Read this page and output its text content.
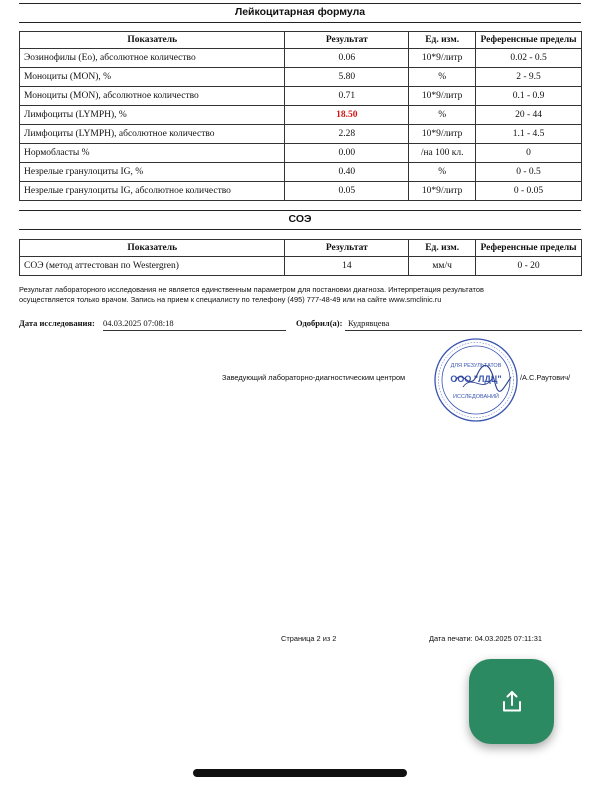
Лейкоцитарная формула
Показатель	Результат	Ед. изм.	Референсные пределы
Эозинофилы (Eo), абсолютное количество	0.06	10*9/литр	0.02 - 0.5
Моноциты (MON), %	5.80	%	2 - 9.5
Моноциты (MON), абсолютное количество	0.71	10*9/литр	0.1 - 0.9
Лимфоциты (LYMPH), %	18.50	%	20 - 44
Лимфоциты (LYMPH), абсолютное количество	2.28	10*9/литр	1.1 - 4.5
Нормобласты %	0.00	/на 100 кл.	0
Незрелые гранулоциты IG, %	0.40	%	0 - 0.5
Незрелые гранулоциты IG, абсолютное количество	0.05	10*9/литр	0 - 0.05
СОЭ
Показатель	Результат	Ед. изм.	Референсные пределы
СОЭ (метод аттестован по Westergren)	14	мм/ч	0 - 20
Результат лабораторного исследования не является единственным параметром для постановки диагноза. Интерпретация результатов
осуществляется только врачом. Запись на прием к специалисту по телефону (495) 777-48-49 или на сайте www.smclinic.ru
Дата исследования: 04.03.2025 07:08:18	Одобрил(а): Кудрявцева
Заведующий лабораторно-диагностическим центром	/А.С.Раутович/
ДЛЯ РЕЗУЛЬТАТОВ
ООО "ЛДЦ"
ИССЛЕДОВАНИЙ
Страница 2 из 2	Дата печати: 04.03.2025 07:11:31
